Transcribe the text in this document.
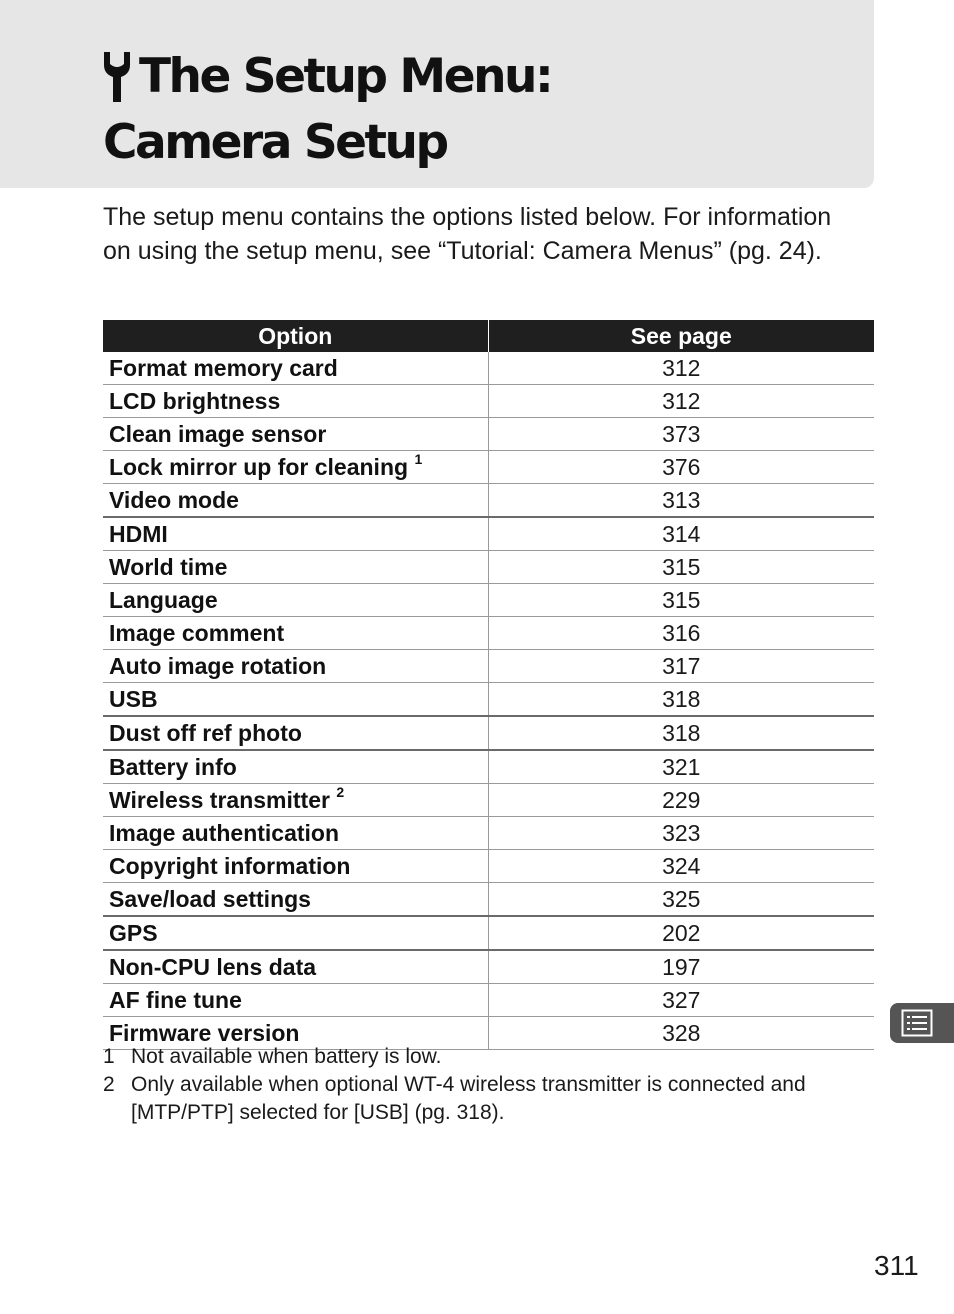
The Setup Menu:
Camera Setup

The setup menu contains the options listed below. For information on using the setup menu, see “Tutorial: Camera Menus” (pg. 24).

Option	See page
Format memory card	312
LCD brightness	312
Clean image sensor	373
Lock mirror up for cleaning $^1$	376
Video mode	313
HDMI	314
World time	315
Language	315
Image comment	316
Auto image rotation	317
USB	318
Dust off ref photo	318
Battery info	321
Wireless transmitter $^2$	229
Image authentication	323
Copyright information	324
Save/load settings	325
GPS	202
Non-CPU lens data	197
AF fine tune	327
Firmware version	328
1 Not available when battery is low.
2 Only available when optional WT-4 wireless transmitter is connected and [MTP/PTP] selected for [USB] (pg. 318).
311
